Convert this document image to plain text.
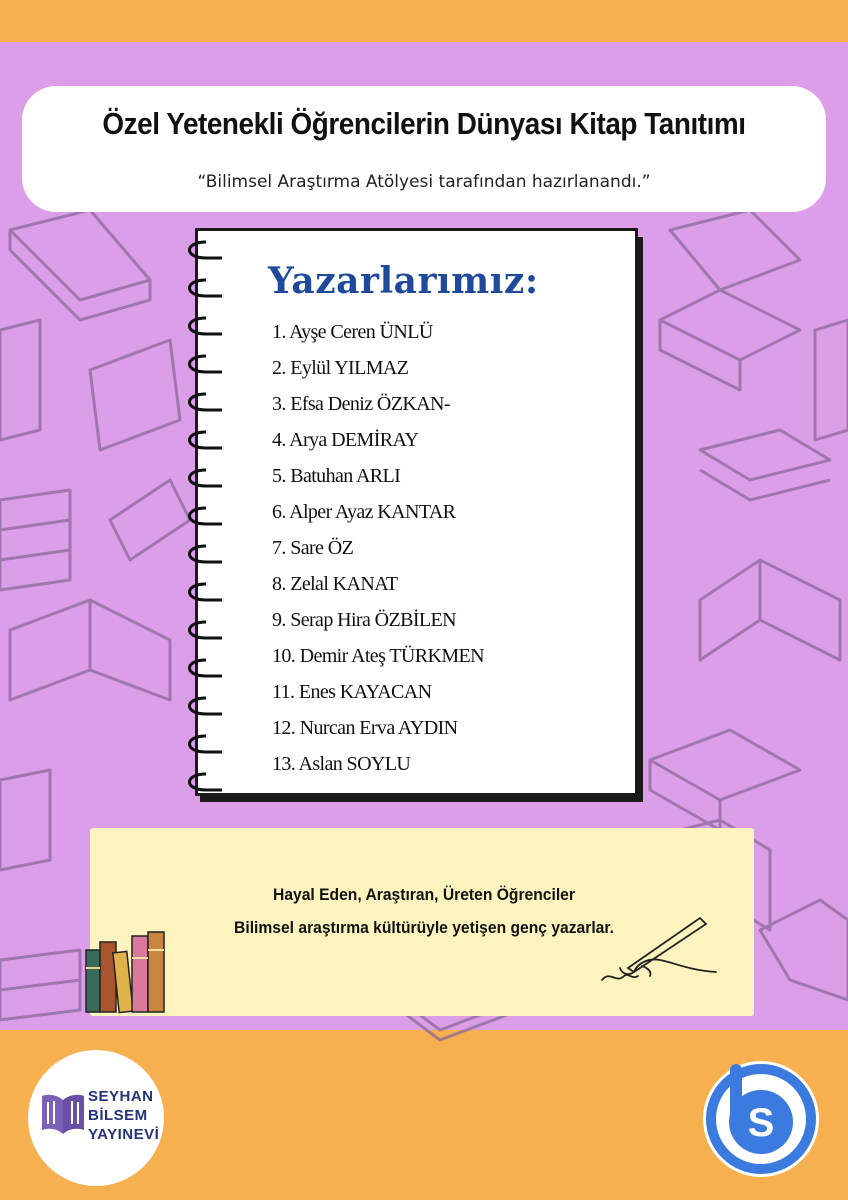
Özel Yetenekli Öğrencilerin Dünyası Kitap Tanıtımı
“Bilimsel Araştırma Atölyesi tarafından hazırlanandı.”
Yazarlarımız:
1. Ayşe Ceren ÜNLÜ
2. Eylül YILMAZ
3. Efsa Deniz ÖZKAN-
4. Arya DEMİRAY
5. Batuhan ARLI
6. Alper Ayaz KANTAR
7. Sare ÖZ
8. Zelal KANAT
9. Serap Hira ÖZBİLEN
10. Demir Ateş TÜRKMEN
11. Enes KAYACAN
12. Nurcan Erva AYDIN
13. Aslan SOYLU
Hayal Eden, Araştıran, Üreten Öğrenciler
Bilimsel araştırma kültürüyle yetişen genç yazarlar.
SEYHAN
BİLSEM
YAYINEVİ	S
